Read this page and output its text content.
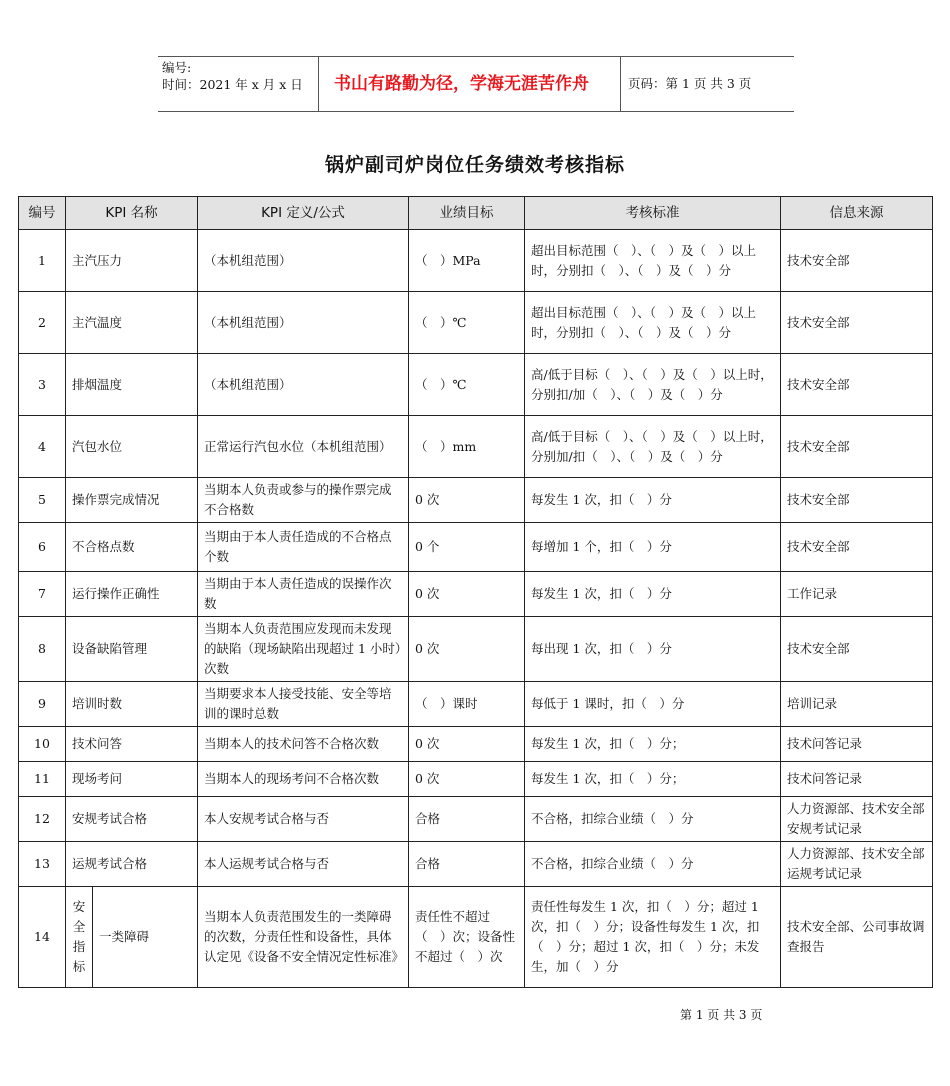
编号:
时间：2021 年 x 月 x 日	书山有路勤为径，学海无涯苦作舟	页码：第 1 页 共 3 页
锅炉副司炉岗位任务绩效考核指标
编号	KPI 名称		KPI 定义/公式	业绩目标	考核标准	信息来源
1	主汽压力		（本机组范围）	（　）MPa	超出目标范围（　）、（　）及（　）以上时，分别扣（　）、（　）及（　）分	技术安全部
2	主汽温度		（本机组范围）	（　）℃	超出目标范围（　）、（　）及（　）以上时，分别扣（　）、（　）及（　）分	技术安全部
3	排烟温度		（本机组范围）	（　）℃	高/低于目标（　）、（　）及（　）以上时，分别扣/加（　）、（　）及（　）分	技术安全部
4	汽包水位		正常运行汽包水位（本机组范围）	（　）mm	高/低于目标（　）、（　）及（　）以上时，分别加/扣（　）、（　）及（　）分	技术安全部
5	操作票完成情况		当期本人负责或参与的操作票完成不合格数	0 次	每发生 1 次，扣（　）分	技术安全部
6	不合格点数		当期由于本人责任造成的不合格点个数	0 个	每增加 1 个，扣（　）分	技术安全部
7	运行操作正确性		当期由于本人责任造成的误操作次数	0 次	每发生 1 次，扣（　）分	工作记录
8	设备缺陷管理		当期本人负责范围应发现而未发现的缺陷（现场缺陷出现超过 1 小时）次数	0 次	每出现 1 次，扣（　）分	技术安全部
9	培训时数		当期要求本人接受技能、安全等培训的课时总数	（　）课时	每低于 1 课时，扣（　）分	培训记录
10	技术问答		当期本人的技术问答不合格次数	0 次	每发生 1 次，扣（　）分；	技术问答记录
11	现场考问		当期本人的现场考问不合格次数	0 次	每发生 1 次，扣（　）分；	技术问答记录
12	安规考试合格		本人安规考试合格与否	合格	不合格，扣综合业绩（　）分	人力资源部、技术安全部安规考试记录
13	运规考试合格		本人运规考试合格与否	合格	不合格，扣综合业绩（　）分	人力资源部、技术安全部运规考试记录
14	安全指标	一类障碍	当期本人负责范围发生的一类障碍的次数，分责任性和设备性，具体认定见《设备不安全情况定性标准》	责任性不超过（　）次；设备性不超过（　）次	责任性每发生 1 次，扣（　）分；超过 1 次，扣（　）分；设备性每发生 1 次，扣（　）分；超过 1 次，扣（　）分；未发生，加（　）分	技术安全部、公司事故调查报告
第 1 页 共 3 页
